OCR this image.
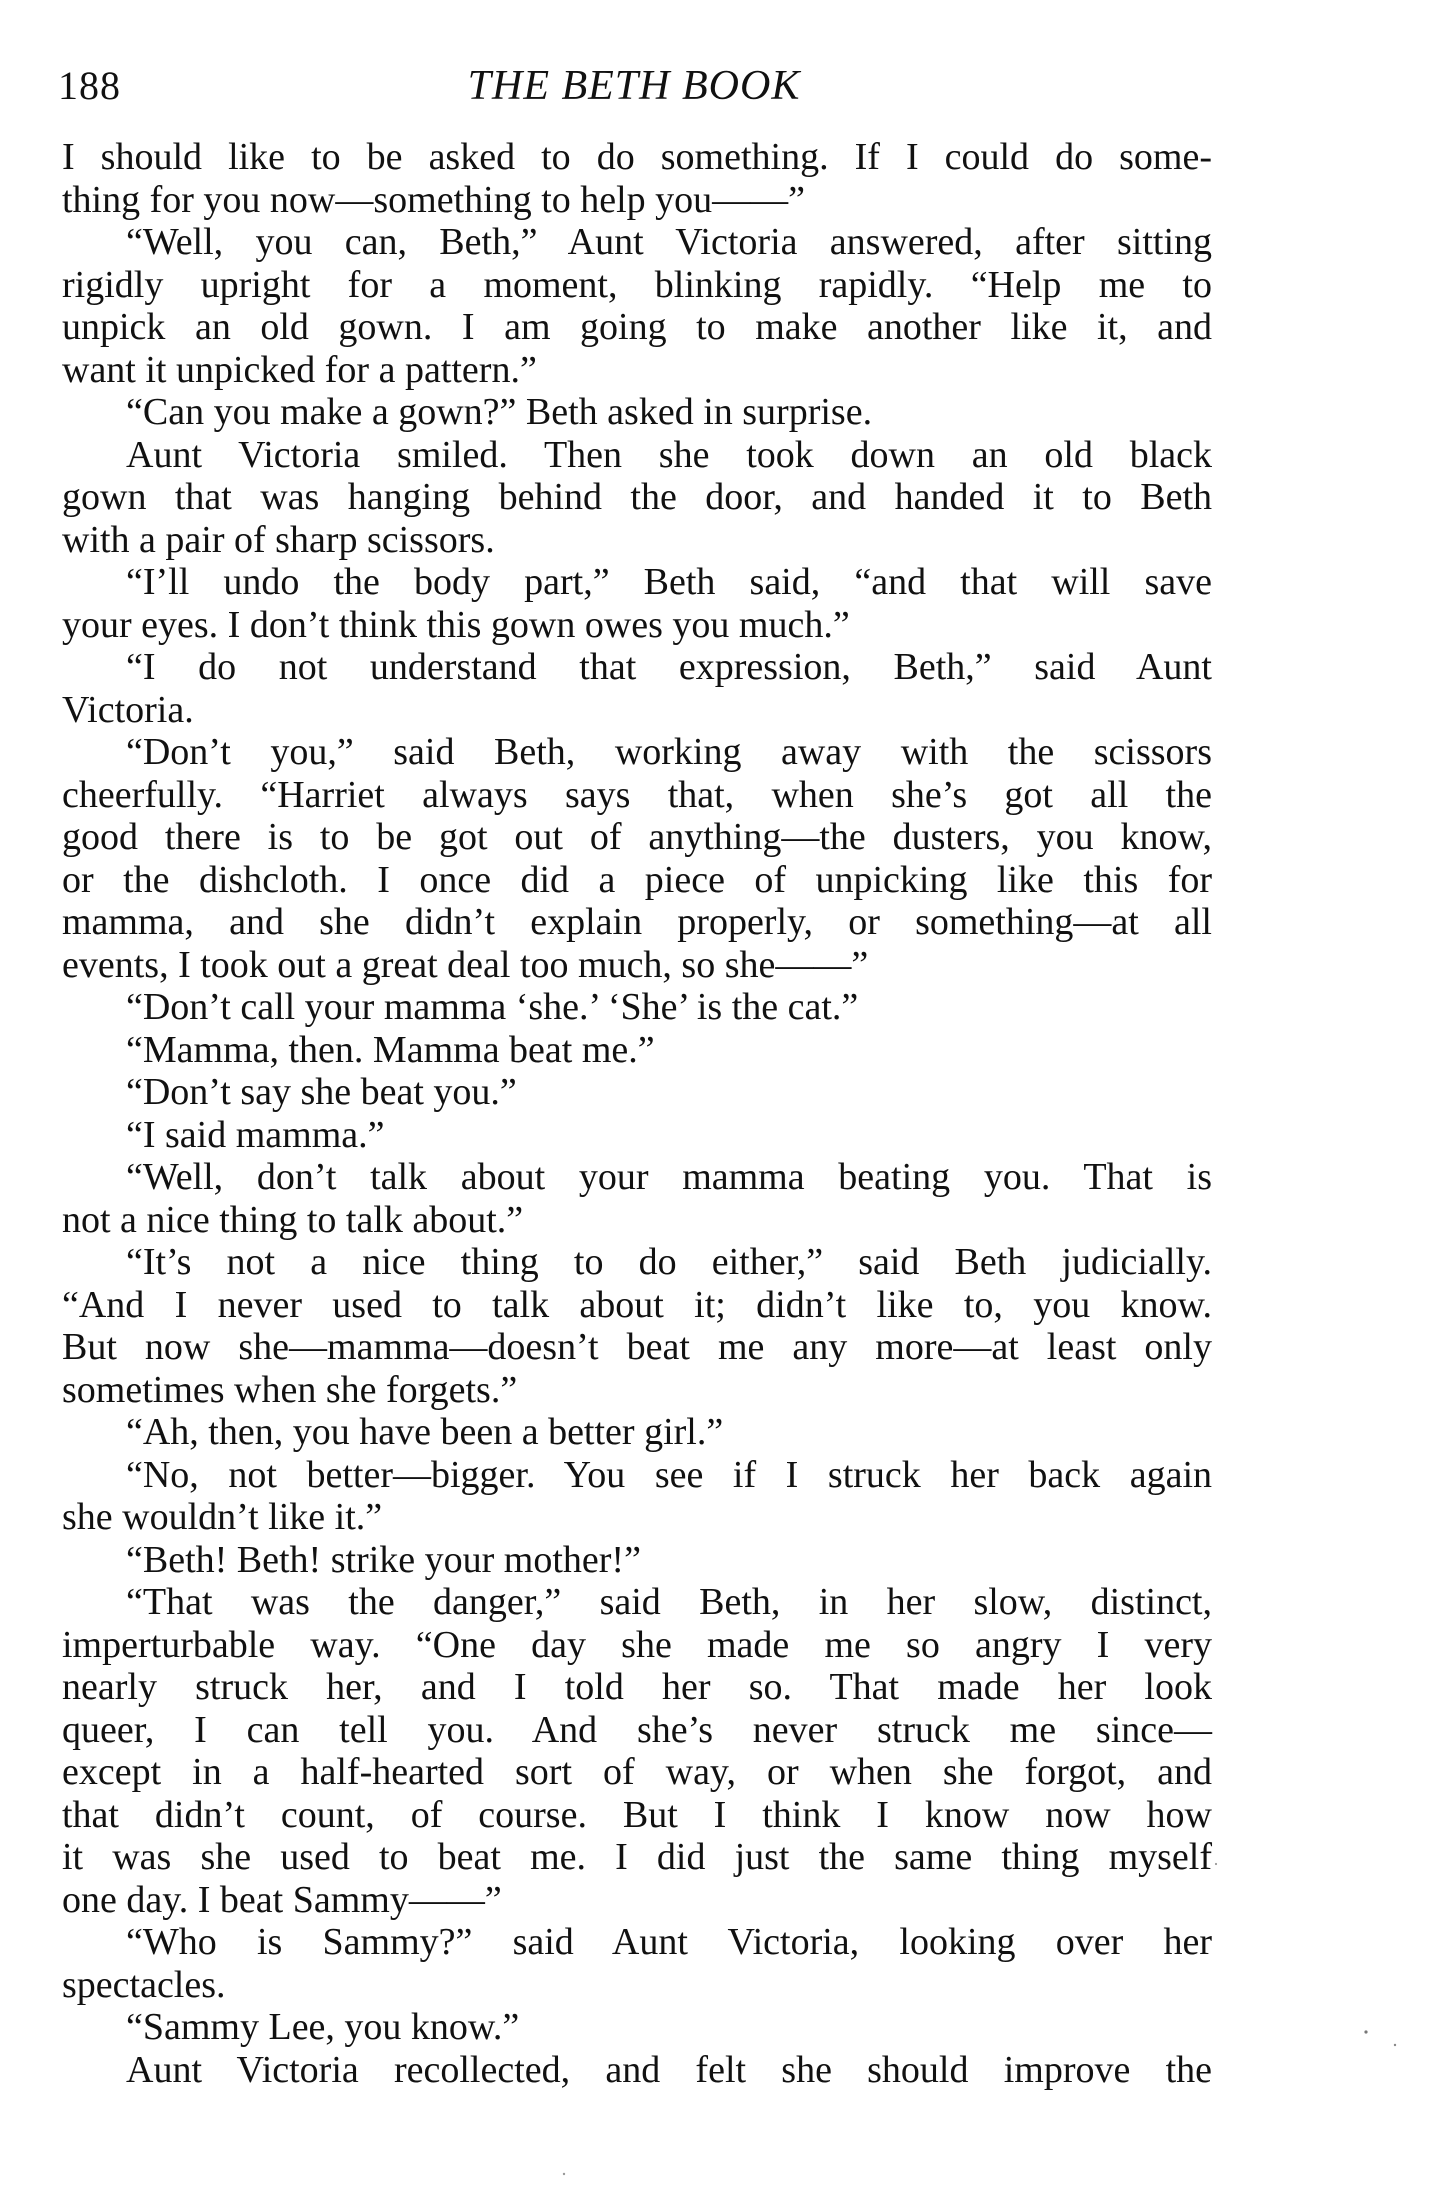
188	THE BETH BOOK
I should like to be asked to do something. If I could do some-
thing for you now—something to help you——”
“Well, you can, Beth,” Aunt Victoria answered, after sitting
rigidly upright for a moment, blinking rapidly. “Help me to
unpick an old gown. I am going to make another like it, and
want it unpicked for a pattern.”
“Can you make a gown?” Beth asked in surprise.
Aunt Victoria smiled. Then she took down an old black
gown that was hanging behind the door, and handed it to Beth
with a pair of sharp scissors.
“I’ll undo the body part,” Beth said, “and that will save
your eyes. I don’t think this gown owes you much.”
“I do not understand that expression, Beth,” said Aunt
Victoria.
“Don’t you,” said Beth, working away with the scissors
cheerfully. “Harriet always says that, when she’s got all the
good there is to be got out of anything—the dusters, you know,
or the dishcloth. I once did a piece of unpicking like this for
mamma, and she didn’t explain properly, or something—at all
events, I took out a great deal too much, so she——”
“Don’t call your mamma ‘she.’ ‘She’ is the cat.”
“Mamma, then. Mamma beat me.”
“Don’t say she beat you.”
“I said mamma.”
“Well, don’t talk about your mamma beating you. That is
not a nice thing to talk about.”
“It’s not a nice thing to do either,” said Beth judicially.
“And I never used to talk about it; didn’t like to, you know.
But now she—mamma—doesn’t beat me any more—at least only
sometimes when she forgets.”
“Ah, then, you have been a better girl.”
“No, not better—bigger. You see if I struck her back again
she wouldn’t like it.”
“Beth! Beth! strike your mother!”
“That was the danger,” said Beth, in her slow, distinct,
imperturbable way. “One day she made me so angry I very
nearly struck her, and I told her so. That made her look
queer, I can tell you. And she’s never struck me since—
except in a half-hearted sort of way, or when she forgot, and
that didn’t count, of course. But I think I know now how
it was she used to beat me. I did just the same thing myself
one day. I beat Sammy——”
“Who is Sammy?” said Aunt Victoria, looking over her
spectacles.
“Sammy Lee, you know.”
Aunt Victoria recollected, and felt she should improve the
